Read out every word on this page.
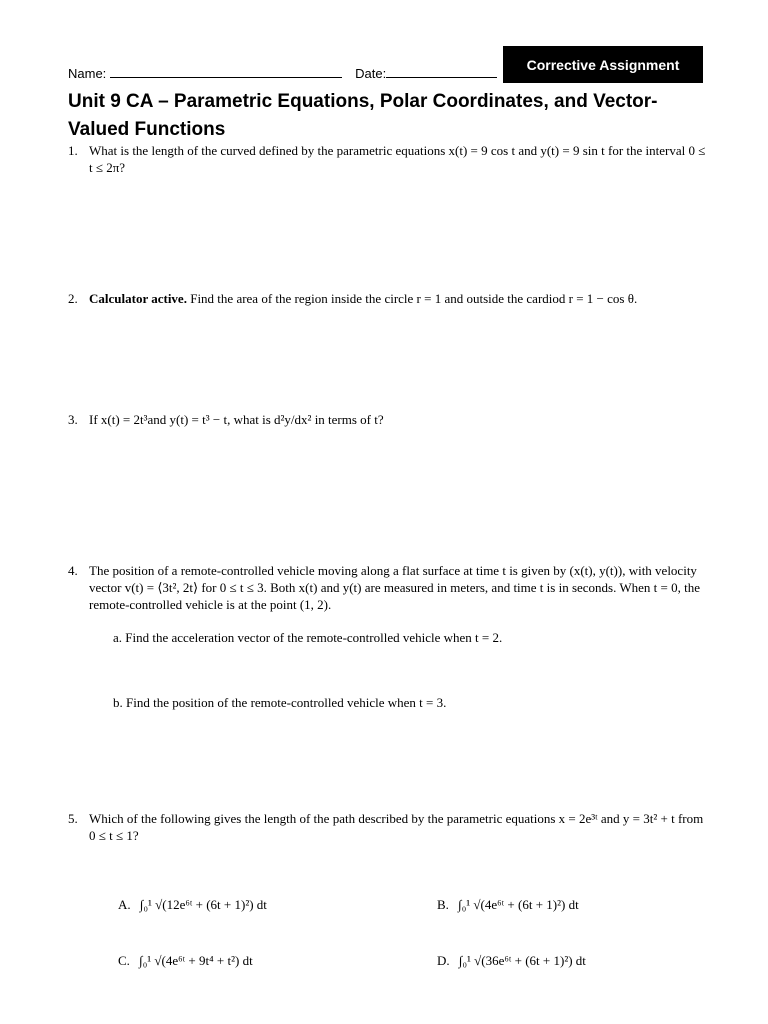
Corrective Assignment
Name:	Date:
Unit 9 CA – Parametric Equations, Polar Coordinates, and Vector-Valued Functions
1. What is the length of the curved defined by the parametric equations x(t) = 9 cos t and y(t) = 9 sin t for the interval 0 ≤ t ≤ 2π?
2. Calculator active. Find the area of the region inside the circle r = 1 and outside the cardiod r = 1 − cos θ.
3. If x(t) = 2t³and y(t) = t³ − t, what is d²y/dx² in terms of t?
4. The position of a remote-controlled vehicle moving along a flat surface at time t is given by (x(t), y(t)), with velocity vector v(t) = ⟨3t², 2t⟩ for 0 ≤ t ≤ 3. Both x(t) and y(t) are measured in meters, and time t is in seconds. When t = 0, the remote-controlled vehicle is at the point (1, 2).
a. Find the acceleration vector of the remote-controlled vehicle when t = 2.
b. Find the position of the remote-controlled vehicle when t = 3.
5. Which of the following gives the length of the path described by the parametric equations x = 2e³ᵗ and y = 3t² + t from 0 ≤ t ≤ 1?
A. ∫₀¹ √(12e⁶ᵗ + (6t + 1)²) dt	B. ∫₀¹ √(4e⁶ᵗ + (6t + 1)²) dt
C. ∫₀¹ √(4e⁶ᵗ + 9t⁴ + t²) dt	D. ∫₀¹ √(36e⁶ᵗ + (6t + 1)²) dt
